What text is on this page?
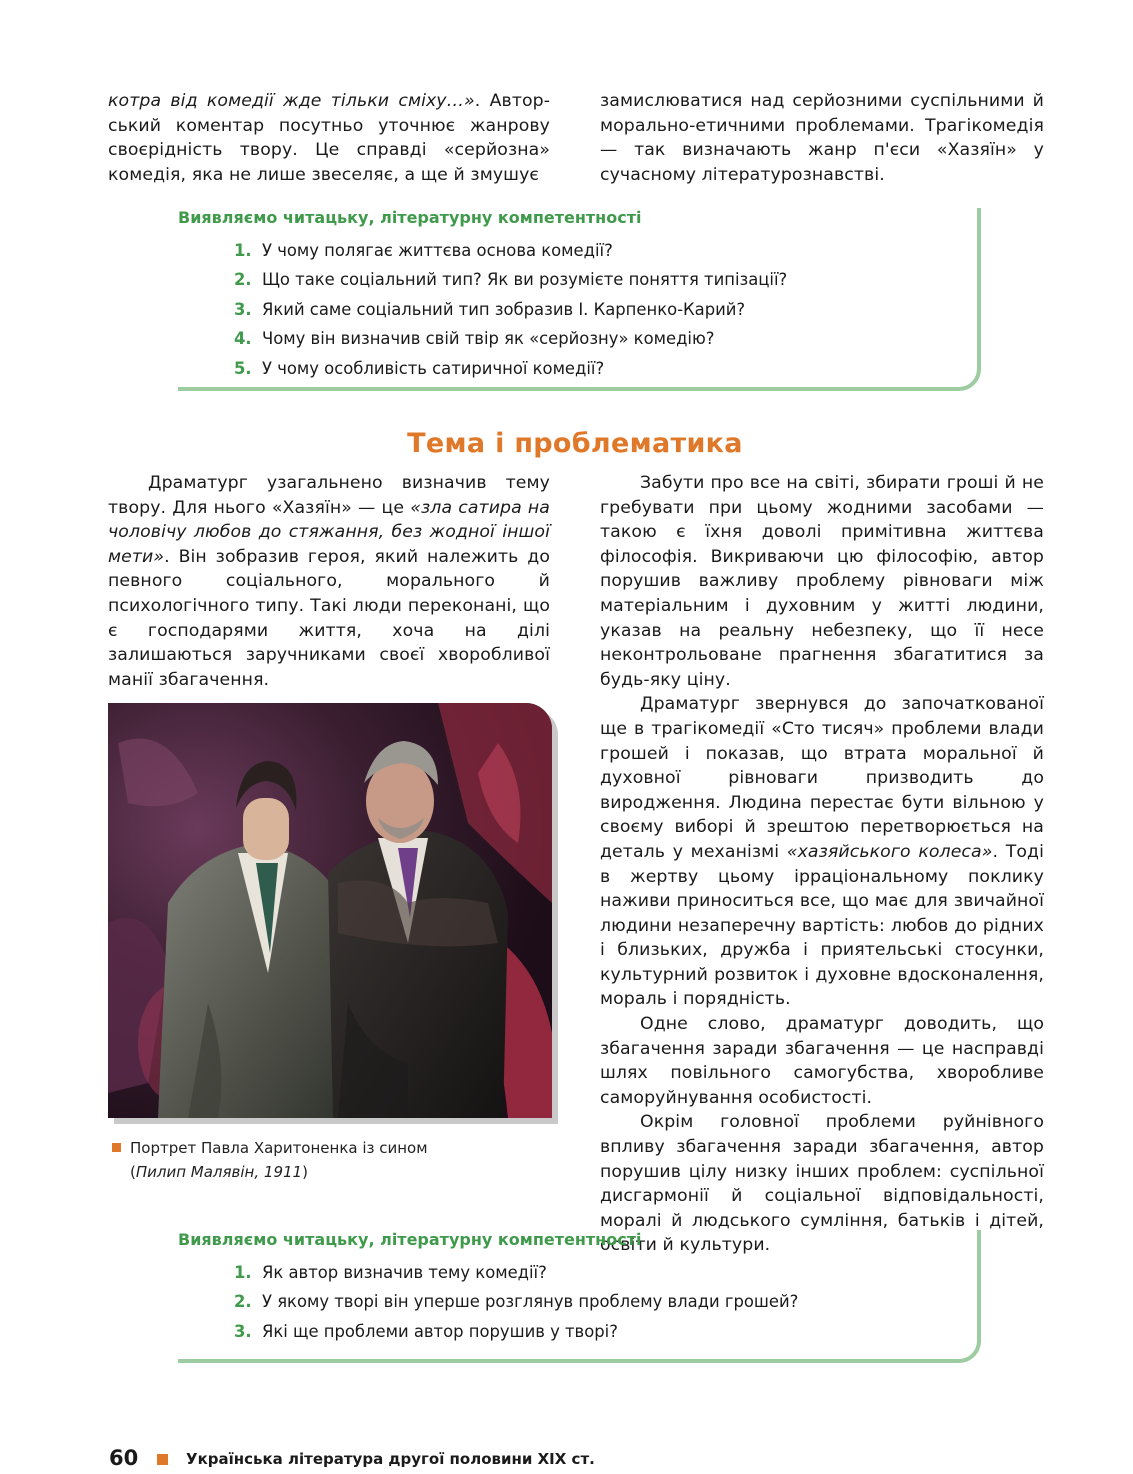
котра від комедії жде тільки сміху…». Авторський коментар посутньо уточнює жанрову своєрідність твору. Це справді «серйозна» комедія, яка не лише звеселяє, а ще й змушує

замислюватися над серйозними суспільними й морально-етичними проблемами. Трагікомедія — так визначають жанр п'єси «Хазяїн» у сучасному літературознавстві.

Виявляємо читацьку, літературну компетентності
1. У чому полягає життєва основа комедії?
2. Що таке соціальний тип? Як ви розумієте поняття типізації?
3. Який саме соціальний тип зобразив І. Карпенко-Карий?
4. Чому він визначив свій твір як «серйозну» комедію?
5. У чому особливість сатиричної комедії?
Тема і проблематика

Драматург узагальнено визначив тему твору. Для нього «Хазяїн» — це «зла сатира на чоловічу любов до стяжання, без жодної іншої мети». Він зобразив героя, який належить до певного соціального, морального й психологічного типу. Такі люди переконані, що є господарями життя, хоча на ділі залишаються заручниками своєї хворобливої манії збагачення.

Забути про все на світі, збирати гроші й не гребувати при цьому жодними засобами — такою є їхня доволі примітивна життєва філософія. Викриваючи цю філософію, автор порушив важливу проблему рівноваги між матеріальним і духовним у житті людини, указав на реальну небезпеку, що її несе неконтрольоване прагнення збагатитися за будь-яку ціну.

Драматург звернувся до започаткованої ще в трагікомедії «Сто тисяч» проблеми влади грошей і показав, що втрата моральної й духовної рівноваги призводить до виродження. Людина перестає бути вільною у своєму виборі й зрештою перетворюється на деталь у механізмі «хазяйського колеса». Тоді в жертву цьому ірраціональному поклику наживи приноситься все, що має для звичайної людини незаперечну вартість: любов до рідних і близьких, дружба і приятельські стосунки, культурний розвиток і духовне вдосконалення, мораль і порядність.

Одне слово, драматург доводить, що збагачення заради збагачення — це насправді шлях повільного самогубства, хворобливе саморуйнування особистості.

Окрім головної проблеми руйнівного впливу збагачення заради збагачення, автор порушив цілу низку інших проблем: суспільної дисгармонії й соціальної відповідальності, моралі й людського сумління, батьків і дітей, освіти й культури.

Портрет Павла Харитоненка із сином
(Пилип Малявін, 1911)
Виявляємо читацьку, літературну компетентності
1. Як автор визначив тему комедії?
2. У якому творі він уперше розглянув проблему влади грошей?
3. Які ще проблеми автор порушив у творі?
60	Українська література другої половини XIX ст.
